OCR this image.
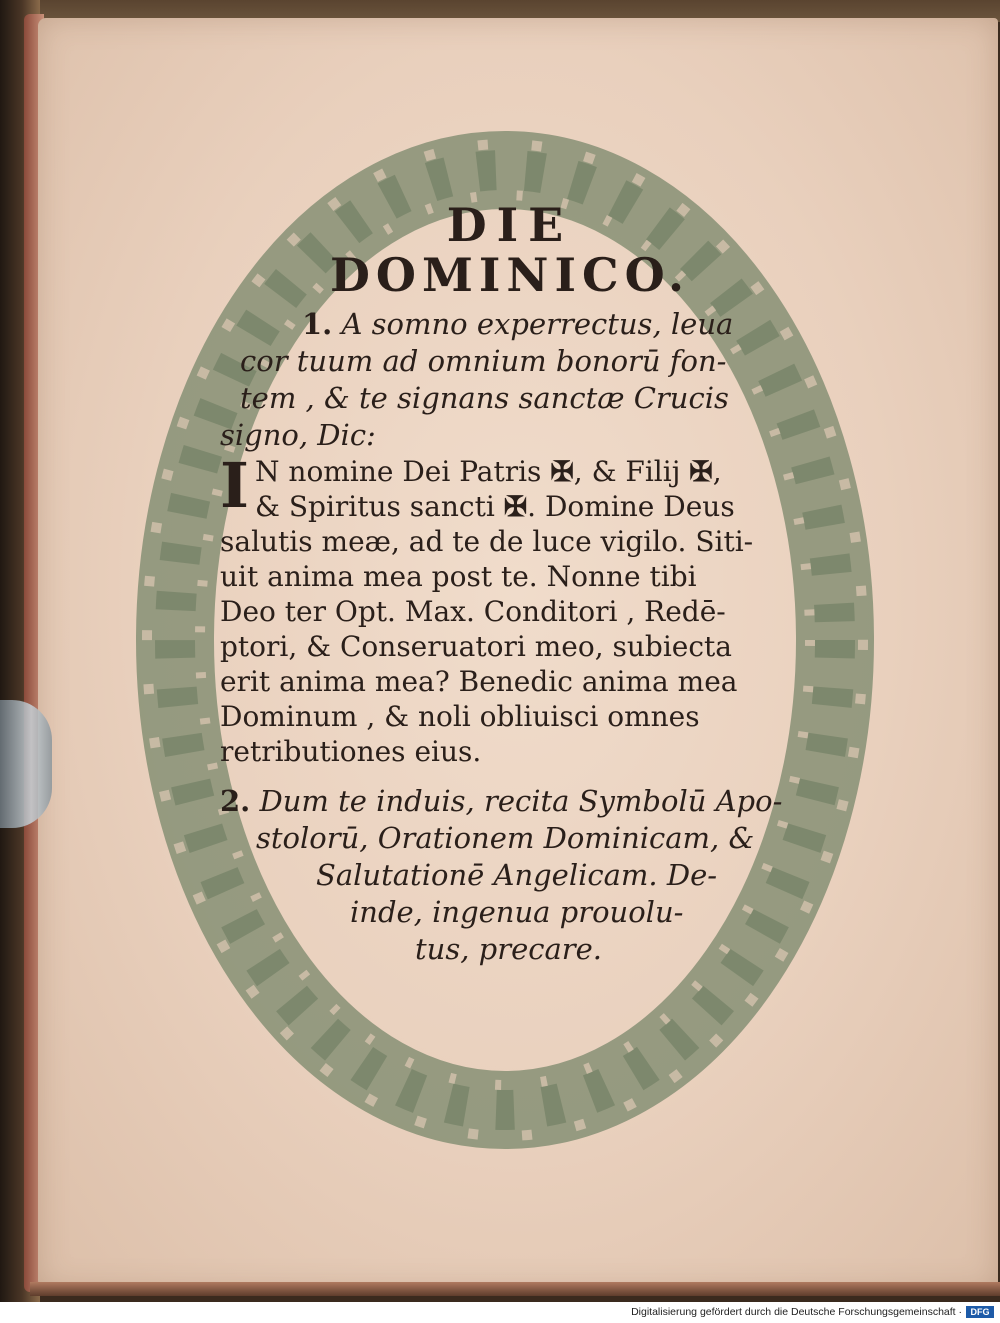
DIE

DOMINICO.

1. A somno experrectus, leua

cor tuum ad omnium bonorū fon-

tem , & te signans sanctæ Crucis

signo, Dic:

I N nomine Dei Patris ✠, & Filij ✠,

& Spiritus sancti ✠. Domine Deus

salutis meæ, ad te de luce vigilo. Siti-

uit anima mea post te. Nonne tibi

Deo ter Opt. Max. Conditori , Redē-

ptori, & Conseruatori meo, subiecta

erit anima mea? Benedic anima mea

Dominum , & noli obliuisci omnes

retributiones eius.

2. Dum te induis, recita Symbolū Apo-

stolorū, Orationem Dominicam, &

Salutationē Angelicam. De-

inde, ingenua prouolu-

tus, precare.

Digitalisierung gefördert durch die Deutsche Forschungsgemeinschaft · DFG
